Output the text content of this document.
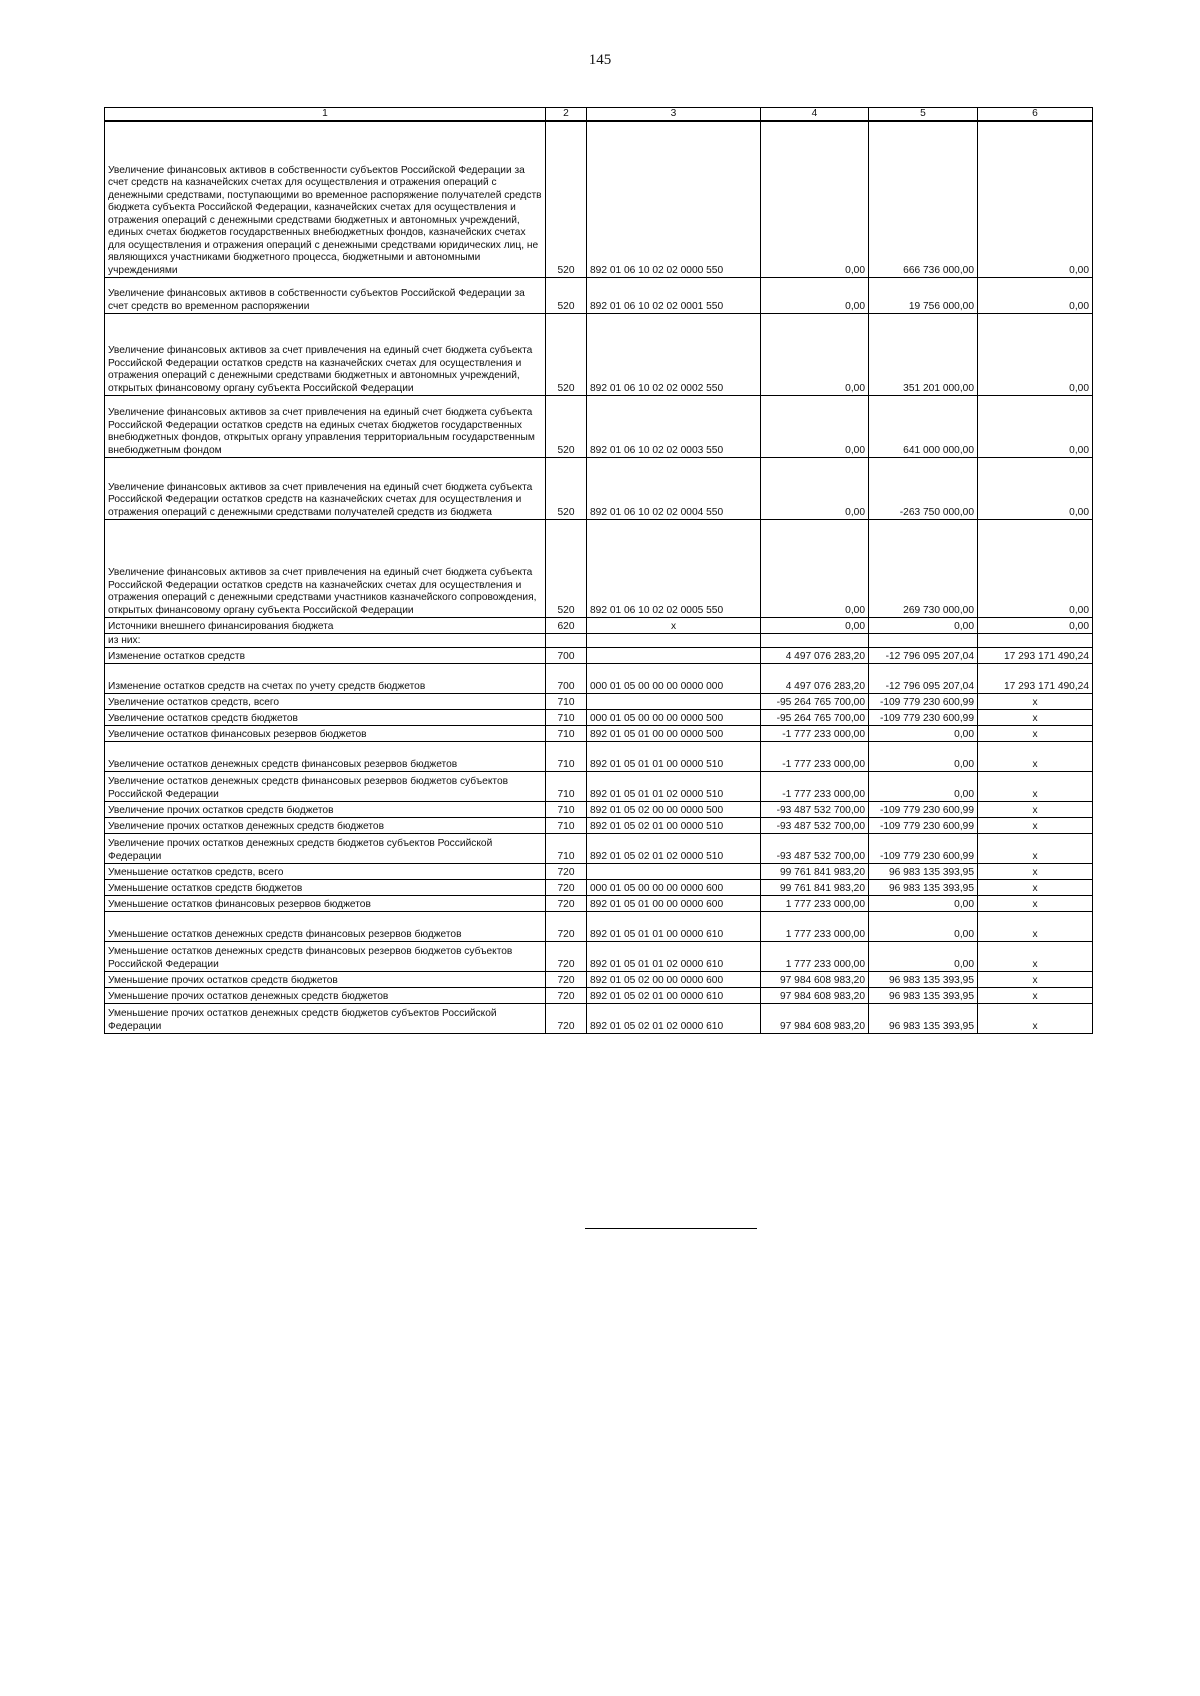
145
1	2	3	4	5	6
Увеличение финансовых активов в собственности субъектов Российской Федерации за счет средств на казначейских счетах для осуществления и отражения операций с денежными средствами, поступающими во временное распоряжение получателей средств бюджета субъекта Российской Федерации, казначейских счетах для осуществления и отражения операций с денежными средствами бюджетных и автономных учреждений, единых счетах бюджетов государственных внебюджетных фондов, казначейских счетах для осуществления и отражения операций с денежными средствами юридических лиц, не являющихся участниками бюджетного процесса, бюджетными и автономными учреждениями	520	892 01 06 10 02 02 0000 550	0,00	666 736 000,00	0,00
Увеличение финансовых активов в собственности субъектов Российской Федерации за счет средств во временном распоряжении	520	892 01 06 10 02 02 0001 550	0,00	19 756 000,00	0,00
Увеличение финансовых активов за счет привлечения на единый счет бюджета субъекта Российской Федерации остатков средств на казначейских счетах для осуществления и отражения операций с денежными средствами бюджетных и автономных учреждений, открытых финансовому органу субъекта Российской Федерации	520	892 01 06 10 02 02 0002 550	0,00	351 201 000,00	0,00
Увеличение финансовых активов за счет привлечения на единый счет бюджета субъекта Российской Федерации остатков средств на единых счетах бюджетов государственных внебюджетных фондов, открытых органу управления территориальным государственным внебюджетным фондом	520	892 01 06 10 02 02 0003 550	0,00	641 000 000,00	0,00
Увеличение финансовых активов за счет привлечения на единый счет бюджета субъекта Российской Федерации остатков средств на казначейских счетах для осуществления и отражения операций с денежными средствами получателей средств из бюджета	520	892 01 06 10 02 02 0004 550	0,00	-263 750 000,00	0,00
Увеличение финансовых активов за счет привлечения на единый счет бюджета субъекта Российской Федерации остатков средств на казначейских счетах для осуществления и отражения операций с денежными средствами участников казначейского сопровождения, открытых финансовому органу субъекта Российской Федерации	520	892 01 06 10 02 02 0005 550	0,00	269 730 000,00	0,00
Источники внешнего финансирования бюджета	620	x	0,00	0,00	0,00
из них:					
Изменение остатков средств	700		4 497 076 283,20	-12 796 095 207,04	17 293 171 490,24
Изменение остатков средств на счетах по учету средств бюджетов	700	000 01 05 00 00 00 0000 000	4 497 076 283,20	-12 796 095 207,04	17 293 171 490,24
Увеличение остатков средств, всего	710		-95 264 765 700,00	-109 779 230 600,99	x
Увеличение остатков средств бюджетов	710	000 01 05 00 00 00 0000 500	-95 264 765 700,00	-109 779 230 600,99	x
Увеличение остатков финансовых резервов бюджетов	710	892 01 05 01 00 00 0000 500	-1 777 233 000,00	0,00	x
Увеличение остатков денежных средств финансовых резервов бюджетов	710	892 01 05 01 01 00 0000 510	-1 777 233 000,00	0,00	x
Увеличение остатков денежных средств финансовых резервов бюджетов субъектов Российской Федерации	710	892 01 05 01 01 02 0000 510	-1 777 233 000,00	0,00	x
Увеличение прочих остатков средств бюджетов	710	892 01 05 02 00 00 0000 500	-93 487 532 700,00	-109 779 230 600,99	x
Увеличение прочих остатков денежных средств бюджетов	710	892 01 05 02 01 00 0000 510	-93 487 532 700,00	-109 779 230 600,99	x
Увеличение прочих остатков денежных средств бюджетов субъектов Российской Федерации	710	892 01 05 02 01 02 0000 510	-93 487 532 700,00	-109 779 230 600,99	x
Уменьшение остатков средств, всего	720		99 761 841 983,20	96 983 135 393,95	x
Уменьшение остатков средств бюджетов	720	000 01 05 00 00 00 0000 600	99 761 841 983,20	96 983 135 393,95	x
Уменьшение остатков финансовых резервов бюджетов	720	892 01 05 01 00 00 0000 600	1 777 233 000,00	0,00	x
Уменьшение остатков денежных средств финансовых резервов бюджетов	720	892 01 05 01 01 00 0000 610	1 777 233 000,00	0,00	x
Уменьшение остатков денежных средств финансовых резервов бюджетов субъектов Российской Федерации	720	892 01 05 01 01 02 0000 610	1 777 233 000,00	0,00	x
Уменьшение прочих остатков средств бюджетов	720	892 01 05 02 00 00 0000 600	97 984 608 983,20	96 983 135 393,95	x
Уменьшение прочих остатков денежных средств бюджетов	720	892 01 05 02 01 00 0000 610	97 984 608 983,20	96 983 135 393,95	x
Уменьшение прочих остатков денежных средств бюджетов субъектов Российской Федерации	720	892 01 05 02 01 02 0000 610	97 984 608 983,20	96 983 135 393,95	x
